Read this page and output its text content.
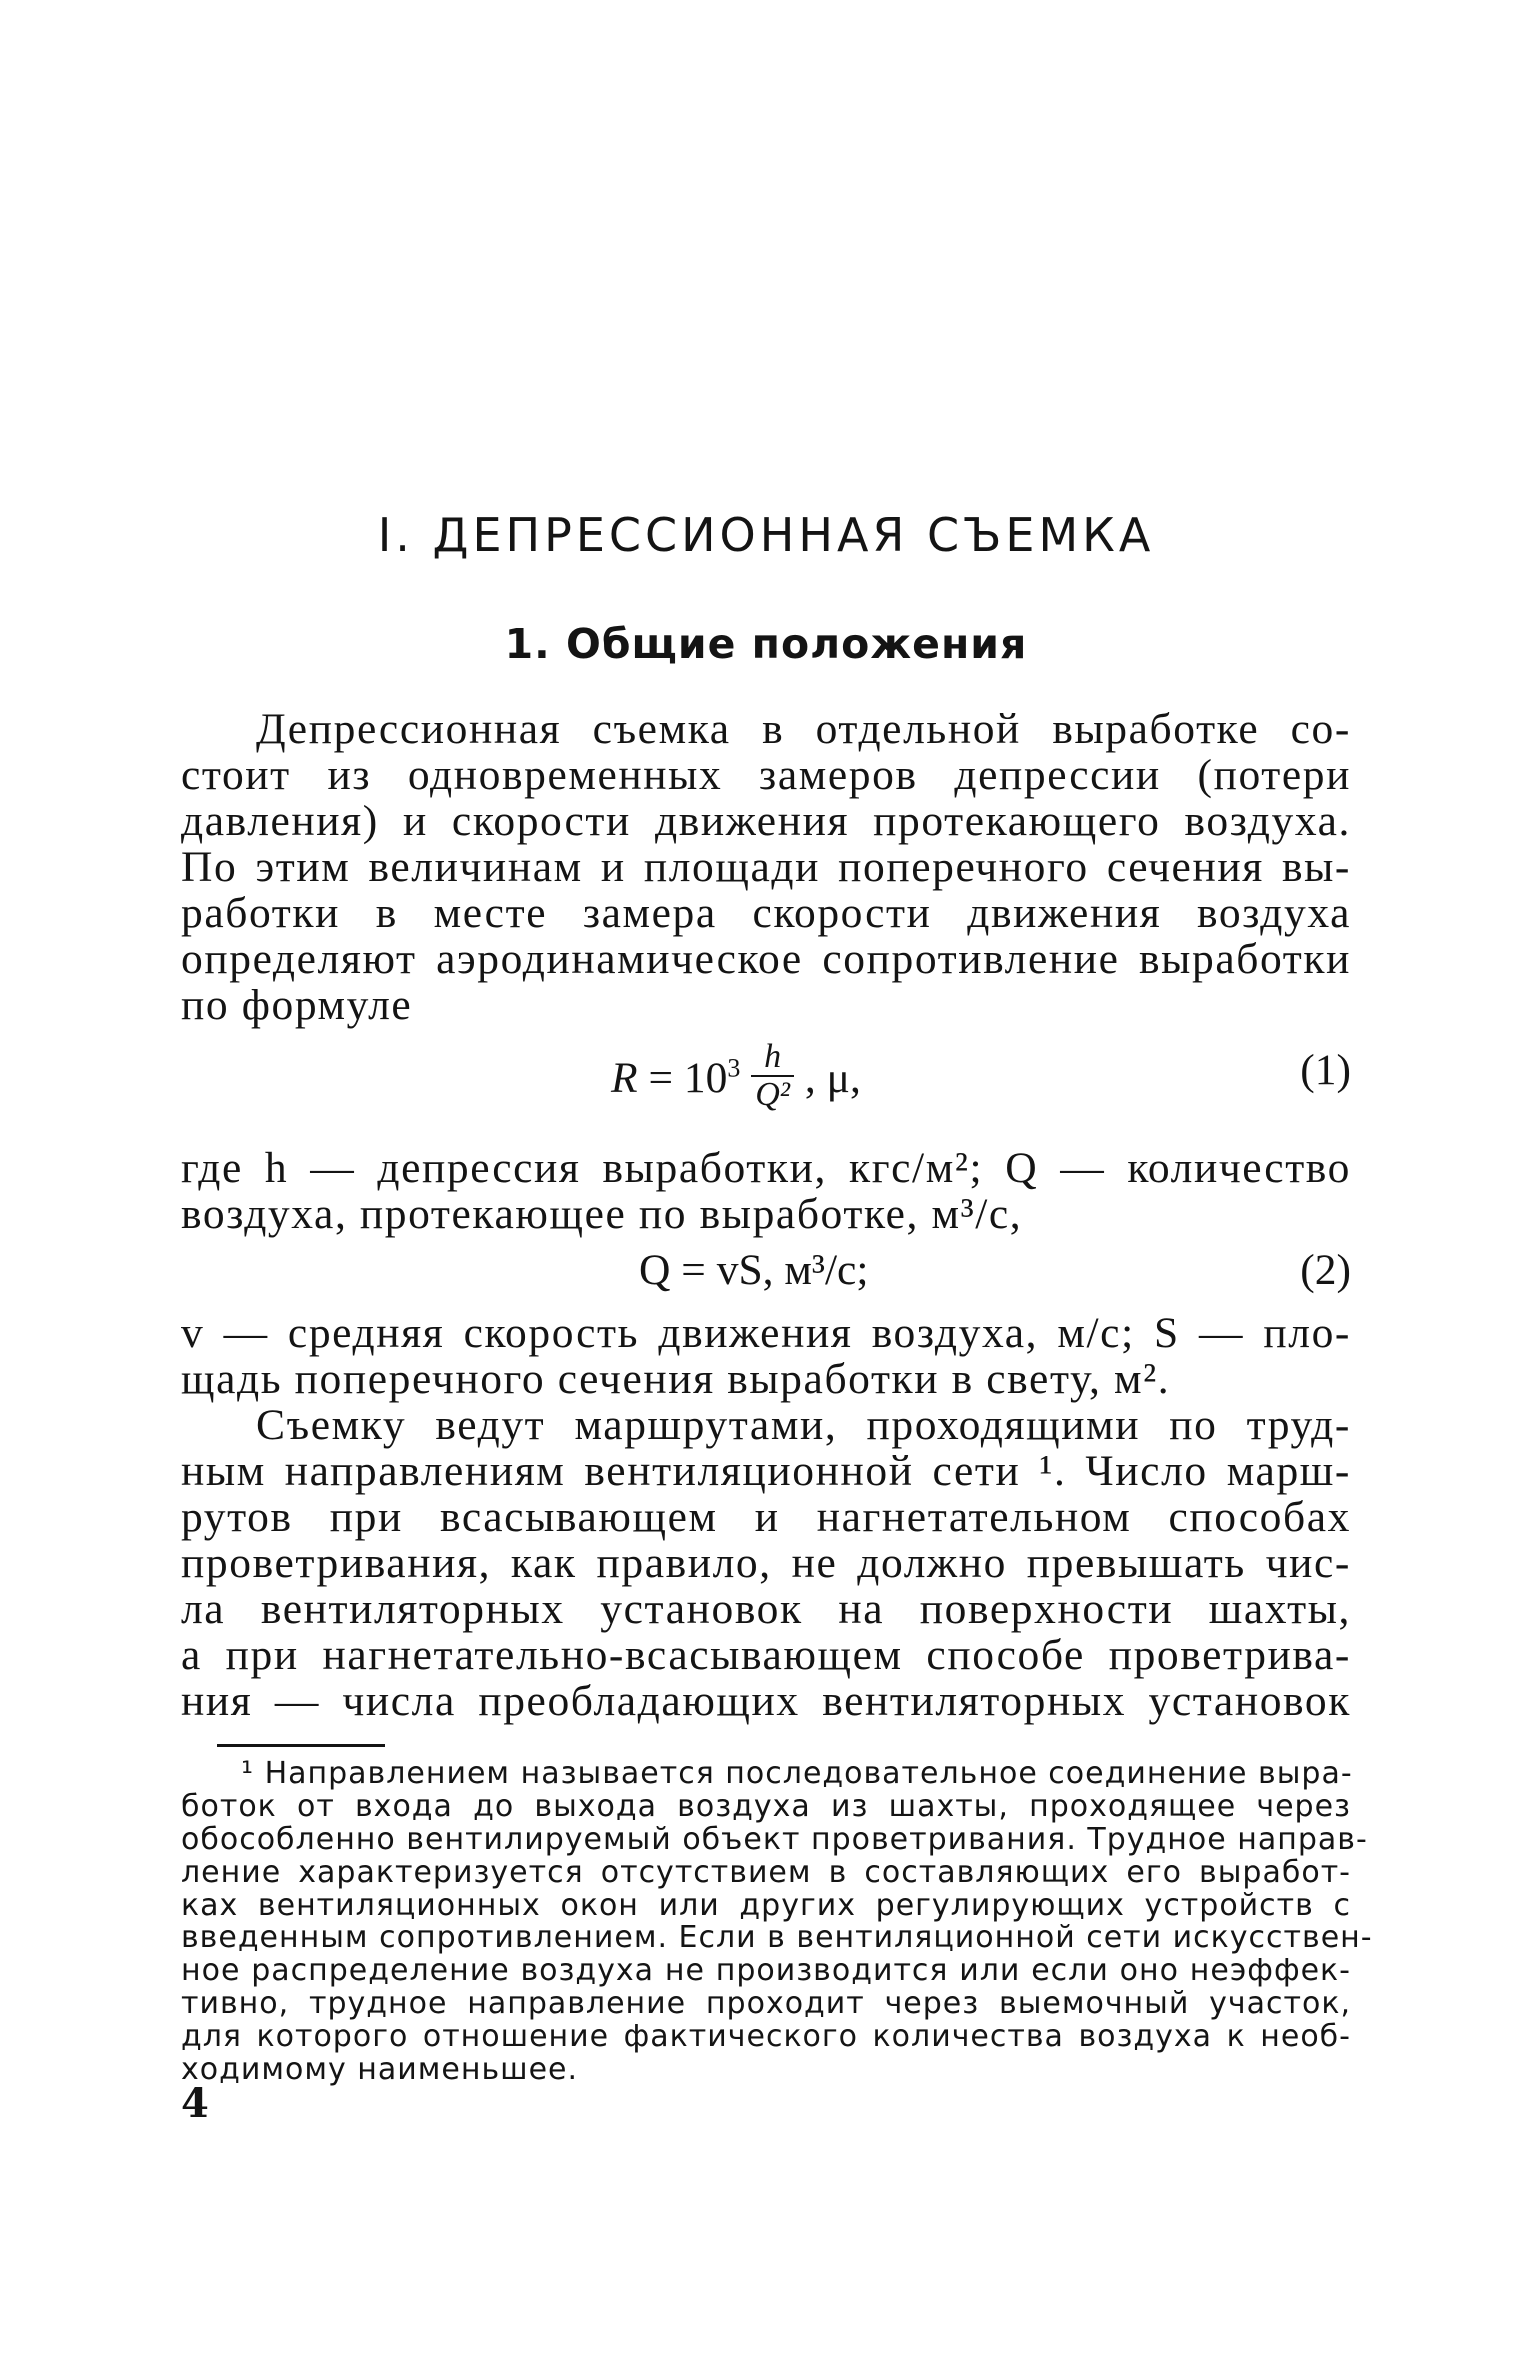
I. ДЕПРЕССИОННАЯ СЪЕМКА
1. Общие положения
Депрессионная съемка в отдельной выработке со-
стоит из одновременных замеров депрессии (потери
давления) и скорости движения протекающего воздуха.
По этим величинам и площади поперечного сечения вы-
работки в месте замера скорости движения воздуха
определяют аэродинамическое сопротивление выработки
по формуле
$R = 10^3 \frac{h}{\text{Q²}}$ , μ,	(1)
где h — депрессия выработки, кгс/м²; Q — количество
воздуха, протекающее по выработке, м³/с,
Q = vS, м³/с;	(2)
v — средняя скорость движения воздуха, м/с; S — пло-
щадь поперечного сечения выработки в свету, м².
Съемку ведут маршрутами, проходящими по труд-
ным направлениям вентиляционной сети ¹. Число марш-
рутов при всасывающем и нагнетательном способах
проветривания, как правило, не должно превышать чис-
ла вентиляторных установок на поверхности шахты,
а при нагнетательно-всасывающем способе проветрива-
ния — числа преобладающих вентиляторных установок
¹ Направлением называется последовательное соединение выра-
боток от входа до выхода воздуха из шахты, проходящее через
обособленно вентилируемый объект проветривания. Трудное направ-
ление характеризуется отсутствием в составляющих его выработ-
ках вентиляционных окон или других регулирующих устройств с
введенным сопротивлением. Если в вентиляционной сети искусствен-
ное распределение воздуха не производится или если оно неэффек-
тивно, трудное направление проходит через выемочный участок,
для которого отношение фактического количества воздуха к необ-
ходимому наименьшее.
4
